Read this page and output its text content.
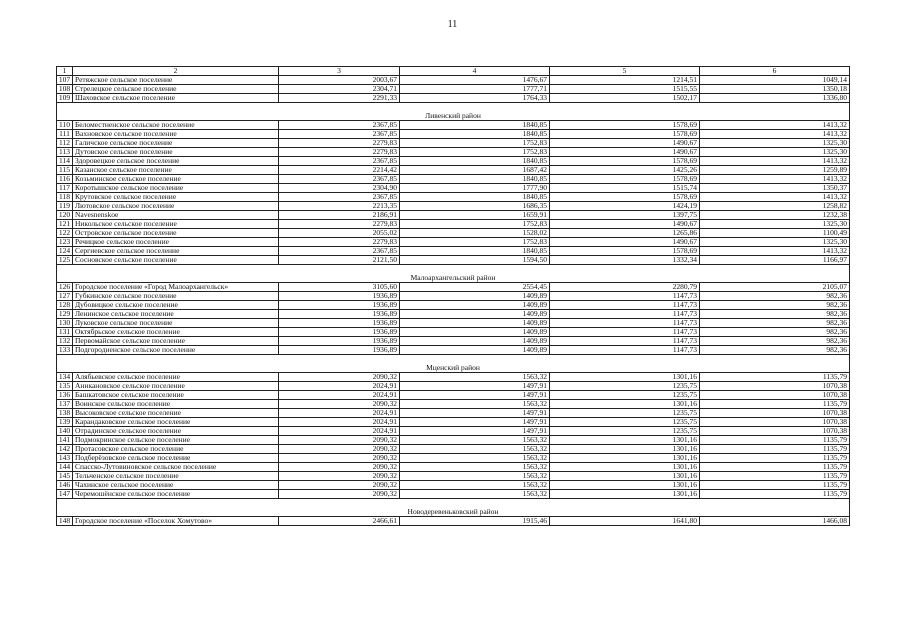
11
1	2	3	4	5	6
107	Ретяжское сельское поселение	2003,67	1476,67	1214,51	1049,14
108	Стрелецкое сельское поселение	2304,71	1777,71	1515,55	1350,18
109	Шаховское сельское поселение	2291,33	1764,33	1502,17	1336,80

Ливенский район					
110	Беломестненское сельское поселение	2367,85	1840,85	1578,69	1413,32
111	Вахновское сельское поселение	2367,85	1840,85	1578,69	1413,32
112	Галичское сельское поселение	2279,83	1752,83	1490,67	1325,30
113	Дутовское сельское поселение	2279,83	1752,83	1490,67	1325,30
114	Здоровецкое сельское поселение	2367,85	1840,85	1578,69	1413,32
115	Казанское сельское поселение	2214,42	1687,42	1425,26	1259,89
116	Козьминское сельское поселение	2367,85	1840,85	1578,69	1413,32
117	Коротышское сельское поселение	2304,90	1777,90	1515,74	1350,37
118	Крутовское сельское поселение	2367,85	1840,85	1578,69	1413,32
119	Лютовское сельское поселение	2213,35	1686,35	1424,19	1258,82
120	Navesnenskoe	2186,91	1659,91	1397,75	1232,38
121	Никольское сельское поселение	2279,83	1752,83	1490,67	1325,30
122	Островское сельское поселение	2055,02	1528,02	1265,86	1100,49
123	Речицкое сельское поселение	2279,83	1752,83	1490,67	1325,30
124	Сергиевское сельское поселение	2367,85	1840,85	1578,69	1413,32
125	Сосновское сельское поселение	2121,50	1594,50	1332,34	1166,97

Малоархангельский район					
126	Городское поселение «Город Малоархангельск»	3105,60	2554,45	2280,79	2105,07
127	Губкинское сельское поселение	1936,89	1409,89	1147,73	982,36
128	Дубовицкое сельское поселение	1936,89	1409,89	1147,73	982,36
129	Ленинское сельское поселение	1936,89	1409,89	1147,73	982,36
130	Луковское сельское поселение	1936,89	1409,89	1147,73	982,36
131	Октябрьское сельское поселение	1936,89	1409,89	1147,73	982,36
132	Первомайское сельское поселение	1936,89	1409,89	1147,73	982,36
133	Подгородненское сельское поселение	1936,89	1409,89	1147,73	982,36

Мценский район					
134	Алябьевское сельское поселение	2090,32	1563,32	1301,16	1135,79
135	Аникановское сельское поселение	2024,91	1497,91	1235,75	1070,38
136	Башкатовское сельское поселение	2024,91	1497,91	1235,75	1070,38
137	Воинское сельское поселение	2090,32	1563,32	1301,16	1135,79
138	Высоковское сельское поселение	2024,91	1497,91	1235,75	1070,38
139	Карандаковское сельское поселение	2024,91	1497,91	1235,75	1070,38
140	Отрадинское сельское поселение	2024,91	1497,91	1235,75	1070,38
141	Подмокринское сельское поселение	2090,32	1563,32	1301,16	1135,79
142	Протасовское сельское поселение	2090,32	1563,32	1301,16	1135,79
143	Подберёзовское сельское поселение	2090,32	1563,32	1301,16	1135,79
144	Спасско-Лутовиновское сельское поселение	2090,32	1563,32	1301,16	1135,79
145	Тельченское сельское поселение	2090,32	1563,32	1301,16	1135,79
146	Чахинское сельское поселение	2090,32	1563,32	1301,16	1135,79
147	Черемошёнское сельское поселение	2090,32	1563,32	1301,16	1135,79

Новодеревеньковский район					
148	Городское поселение «Поселок Хомутово»	2466,61	1915,46	1641,80	1466,08
